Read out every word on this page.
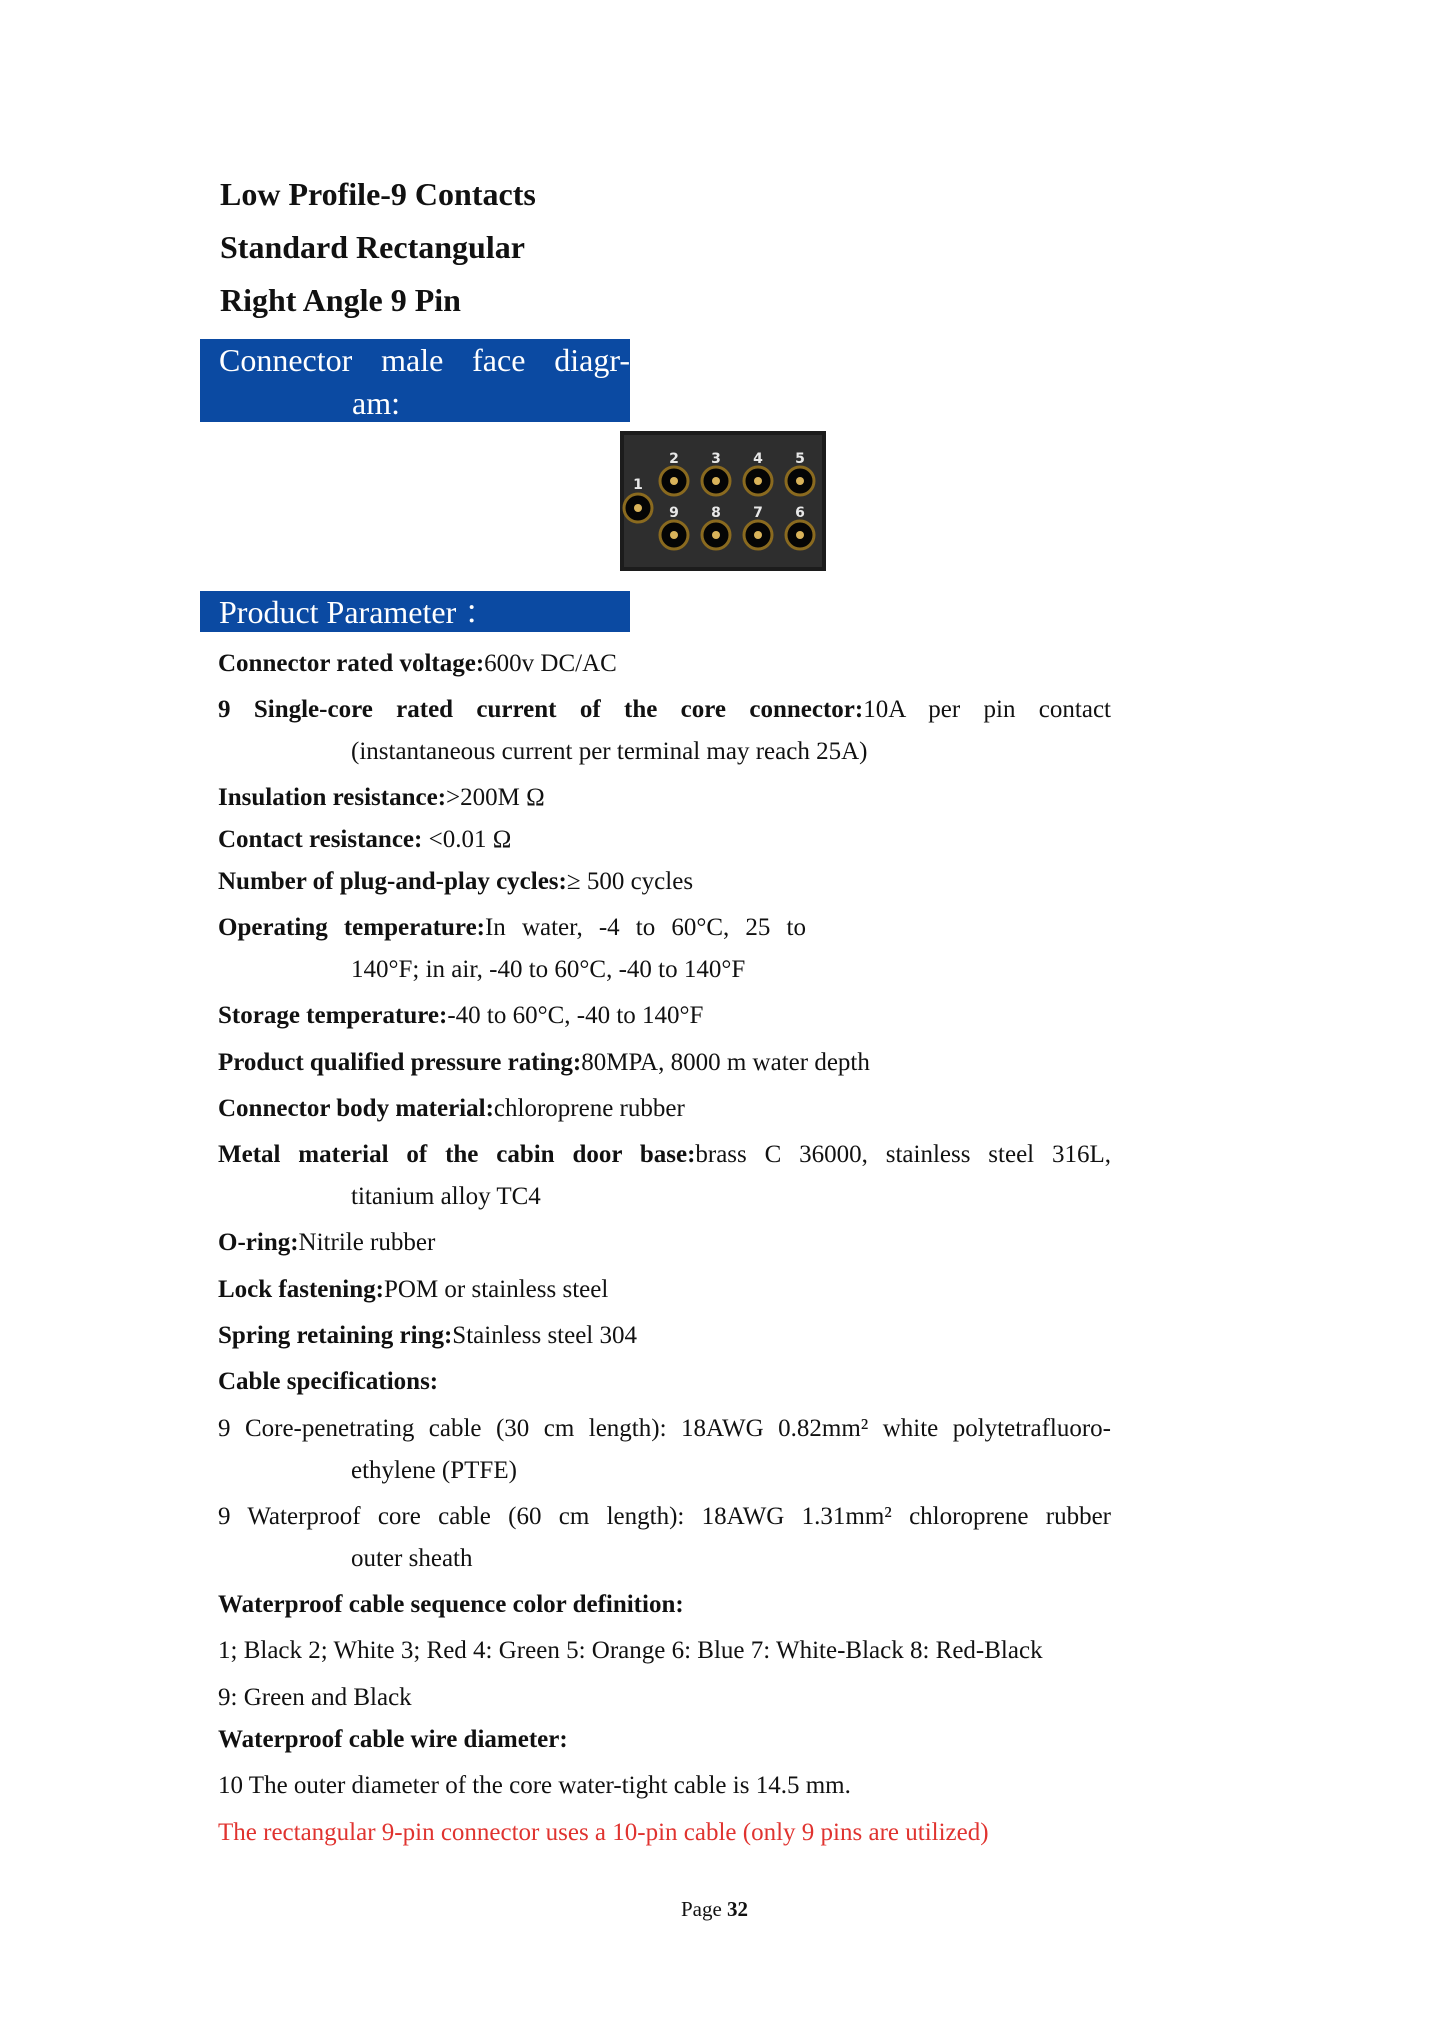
Low Profile-9 Contacts
Standard Rectangular
Right Angle 9 Pin
Connector male face diagr-
am:
2 3 4 5
9 8 7 6
1
Product Parameter ：
Connector rated voltage:600v DC/AC
9 Single-core rated current of the core connector:10A per pin contact
(instantaneous current per terminal may reach 25A)
Insulation resistance:>200M Ω
Contact resistance: <0.01 Ω
Number of plug-and-play cycles:≥ 500 cycles
Operating temperature:In water, -4 to 60°C, 25 to
140°F; in air, -40 to 60°C, -40 to 140°F
Storage temperature:-40 to 60°C, -40 to 140°F
Product qualified pressure rating:80MPA, 8000 m water depth
Connector body material:chloroprene rubber
Metal material of the cabin door base:brass C 36000, stainless steel 316L,
titanium alloy TC4
O-ring:Nitrile rubber
Lock fastening:POM or stainless steel
Spring retaining ring:Stainless steel 304
Cable specifications:
9 Core-penetrating cable (30 cm length): 18AWG 0.82mm² white polytetrafluoro-
ethylene (PTFE)
9 Waterproof core cable (60 cm length): 18AWG 1.31mm² chloroprene rubber
outer sheath
Waterproof cable sequence color definition:
1; Black 2; White 3; Red 4: Green 5: Orange 6: Blue 7: White-Black 8: Red-Black
9: Green and Black
Waterproof cable wire diameter:
10 The outer diameter of the core water-tight cable is 14.5 mm.
The rectangular 9-pin connector uses a 10-pin cable (only 9 pins are utilized)
Page 32
